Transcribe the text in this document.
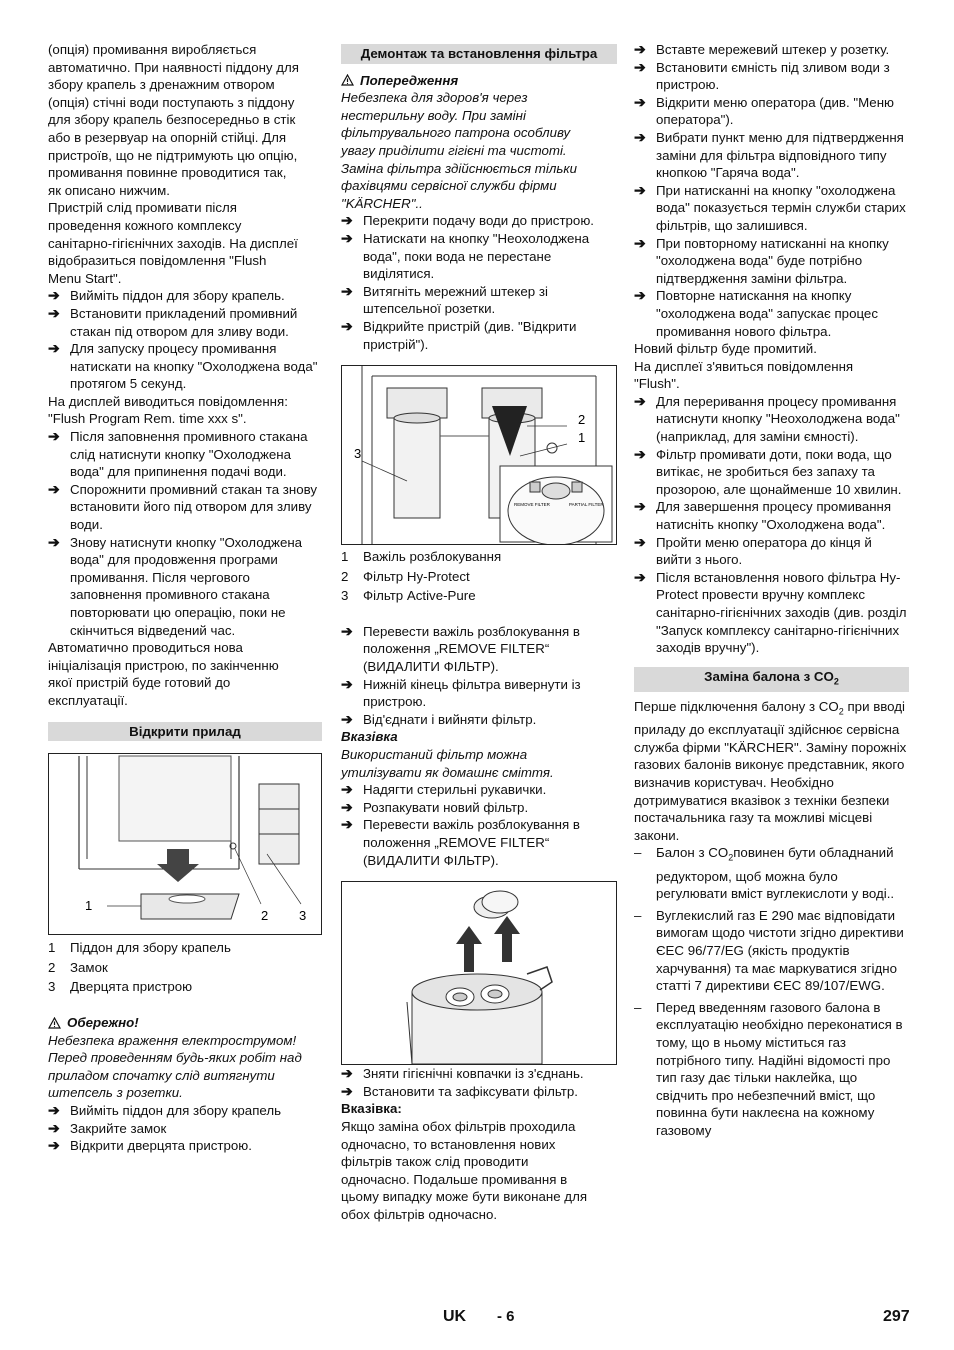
(опція) промивання виробляється
автоматично. При наявності піддону для
збору крапель з дренажним отвором
(опція) стічні води поступають з піддону
для збору крапель безпосередньо в стік
або в резервуар на опорній стійці. Для
пристроїв, що не підтримують цю опцію,
промивання повинне проводитися так,
як описано нижчим.
Пристрій слід промивати після
проведення кожного комплексу
санітарно-гігієнічних заходів. На дисплеї
відобразиться повідомлення "Flush
Menu Start".
➔ Вийміть піддон для збору крапель.
➔ Встановити прикладений промивний стакан під отвором для зливу води.
➔ Для запуску процесу промивання натискати на кнопку "Охолоджена вода" протягом 5 секунд.
На дисплей виводиться повідомлення:
"Flush Program Rem. time xxx s".
➔ Після заповнення промивного стакана слід натиснути кнопку "Охолоджена вода" для припинення подачі води.
➔ Спорожнити промивний стакан та знову встановити його під отвором для зливу води.
➔ Знову натиснути кнопку "Охолоджена вода" для продовження програми промивання. Після чергового заповнення промивного стакана повторювати цю операцію, поки не скінчиться відведений час.
Автоматично проводиться нова
ініціалізація пристрою, по закінченню
якої пристрій буде готовий до
експлуатації.
Відкрити прилад
1
2 3
1	Піддон для збору крапель
2	Замок
3	Дверцята пристрою
Обережно!
Небезпека враження електрострумом!
Перед проведенням будь-яких робіт над
приладом спочатку слід витягнути
штепсель з розетки.
➔ Вийміть піддон для збору крапель
➔ Закрийте замок
➔ Відкрити дверцята пристрою.
Демонтаж та встановлення фільтра
Попередження
Небезпека для здоров'я через
нестерильну воду. При заміні
фільтрувального патрона особливу
увагу приділити гігієні та чистоті.
Заміна фільтра здійснюється тільки
фахівцями сервісної служби фірми
"KÄRCHER"..
➔ Перекрити подачу води до пристрою.
➔ Натискати на кнопку "Неохолоджена вода", поки вода не перестане виділятися.
➔ Витягніть мережний штекер зі штепсельної розетки.
➔ Відкрийте пристрій (див. "Відкрити пристрій").
REMOVE FILTER	PARTIAL FILTER
3
2
1
1	Важіль розблокування
2	Фільтр Hy-Protect
3	Фільтр Active-Pure
➔ Перевести важіль розблокування в положення „REMOVE FILTER“ (ВИДАЛИТИ ФІЛЬТР).
➔ Нижній кінець фільтра вивернути із пристрою.
➔ Від'єднати і вийняти фільтр.
Вказівка
Використаний фільтр можна
утилізувати як домашнє сміття.
➔ Надягти стерильні рукавички.
➔ Розпакувати новий фільтр.
➔ Перевести важіль розблокування в положення „REMOVE FILTER“ (ВИДАЛИТИ ФІЛЬТР).
➔ Зняти гігієнічні ковпачки із з'єднань.
➔ Встановити та зафіксувати фільтр.
Вказівка:
Якщо заміна обох фільтрів проходила
одночасно, то встановлення нових
фільтрів також слід проводити
одночасно. Подальше промивання в
цьому випадку може бути виконане для
обох фільтрів одночасно.
➔ Вставте мережевий штекер у розетку.
➔ Встановити ємність під зливом води з пристрою.
➔ Відкрити меню оператора (див. "Меню оператора").
➔ Вибрати пункт меню для підтвердження заміни для фільтра відповідного типу кнопкою "Гаряча вода".
➔ При натисканні на кнопку "охолоджена вода" показується термін служби старих фільтрів, що залишився.
➔ При повторному натисканні на кнопку "охолоджена вода" буде потрібно підтвердження заміни фільтра.
➔ Повторне натискання на кнопку "охолоджена вода" запускає процес промивання нового фільтра.
Новий фільтр буде промитий.
На дисплеї з'явиться повідомлення
"Flush".
➔ Для переривання процесу промивання натиснути кнопку "Неохолоджена вода" (наприклад, для заміни ємності).
➔ Фільтр промивати доти, поки вода, що витікає, не зробиться без запаху та прозорою, але щонайменше 10 хвилин.
➔ Для завершення процесу промивання натисніть кнопку "Охолоджена вода".
➔ Пройти меню оператора до кінця й вийти з нього.
➔ Після встановлення нового фільтра Hy-Protect провести вручну комплекс санітарно-гігієнічних заходів (див. розділ "Запуск комплексу санітарно-гігієнічних заходів вручну").
Заміна балона з $CO_2$

Перше підключення балону з $CO_2$ при вводі приладу до експлуатації здійснює сервісна служба фірми "KÄRCHER". Заміну порожніх газових балонів виконує представник, якого визначив користувач. Необхідно дотримуватися вказівок з техніки безпеки постачальника газу та можливі місцеві закони.

–	Балон з $CO_2повинен$ бути обладнаний редуктором, щоб можна було регулювати вміст вуглекислоти у воді..
–	Вуглекислий газ Е 290 має відповідати вимогам щодо чистоти згідно директиви ЄЕС 96/77/EG (якість продуктів харчування) та має маркуватися згідно статті 7 директиви ЄЕС 89/107/EWG.
–	Перед введенням газового балона в експлуатацію необхідно переконатися в тому, що в ньому міститься газ потрібного типу. Надійні відомості про тип газу дає тільки наклейка, що свідчить про небезпечний вміст, що повинна бути наклеєна на кожному газовому
UK - 6	297
